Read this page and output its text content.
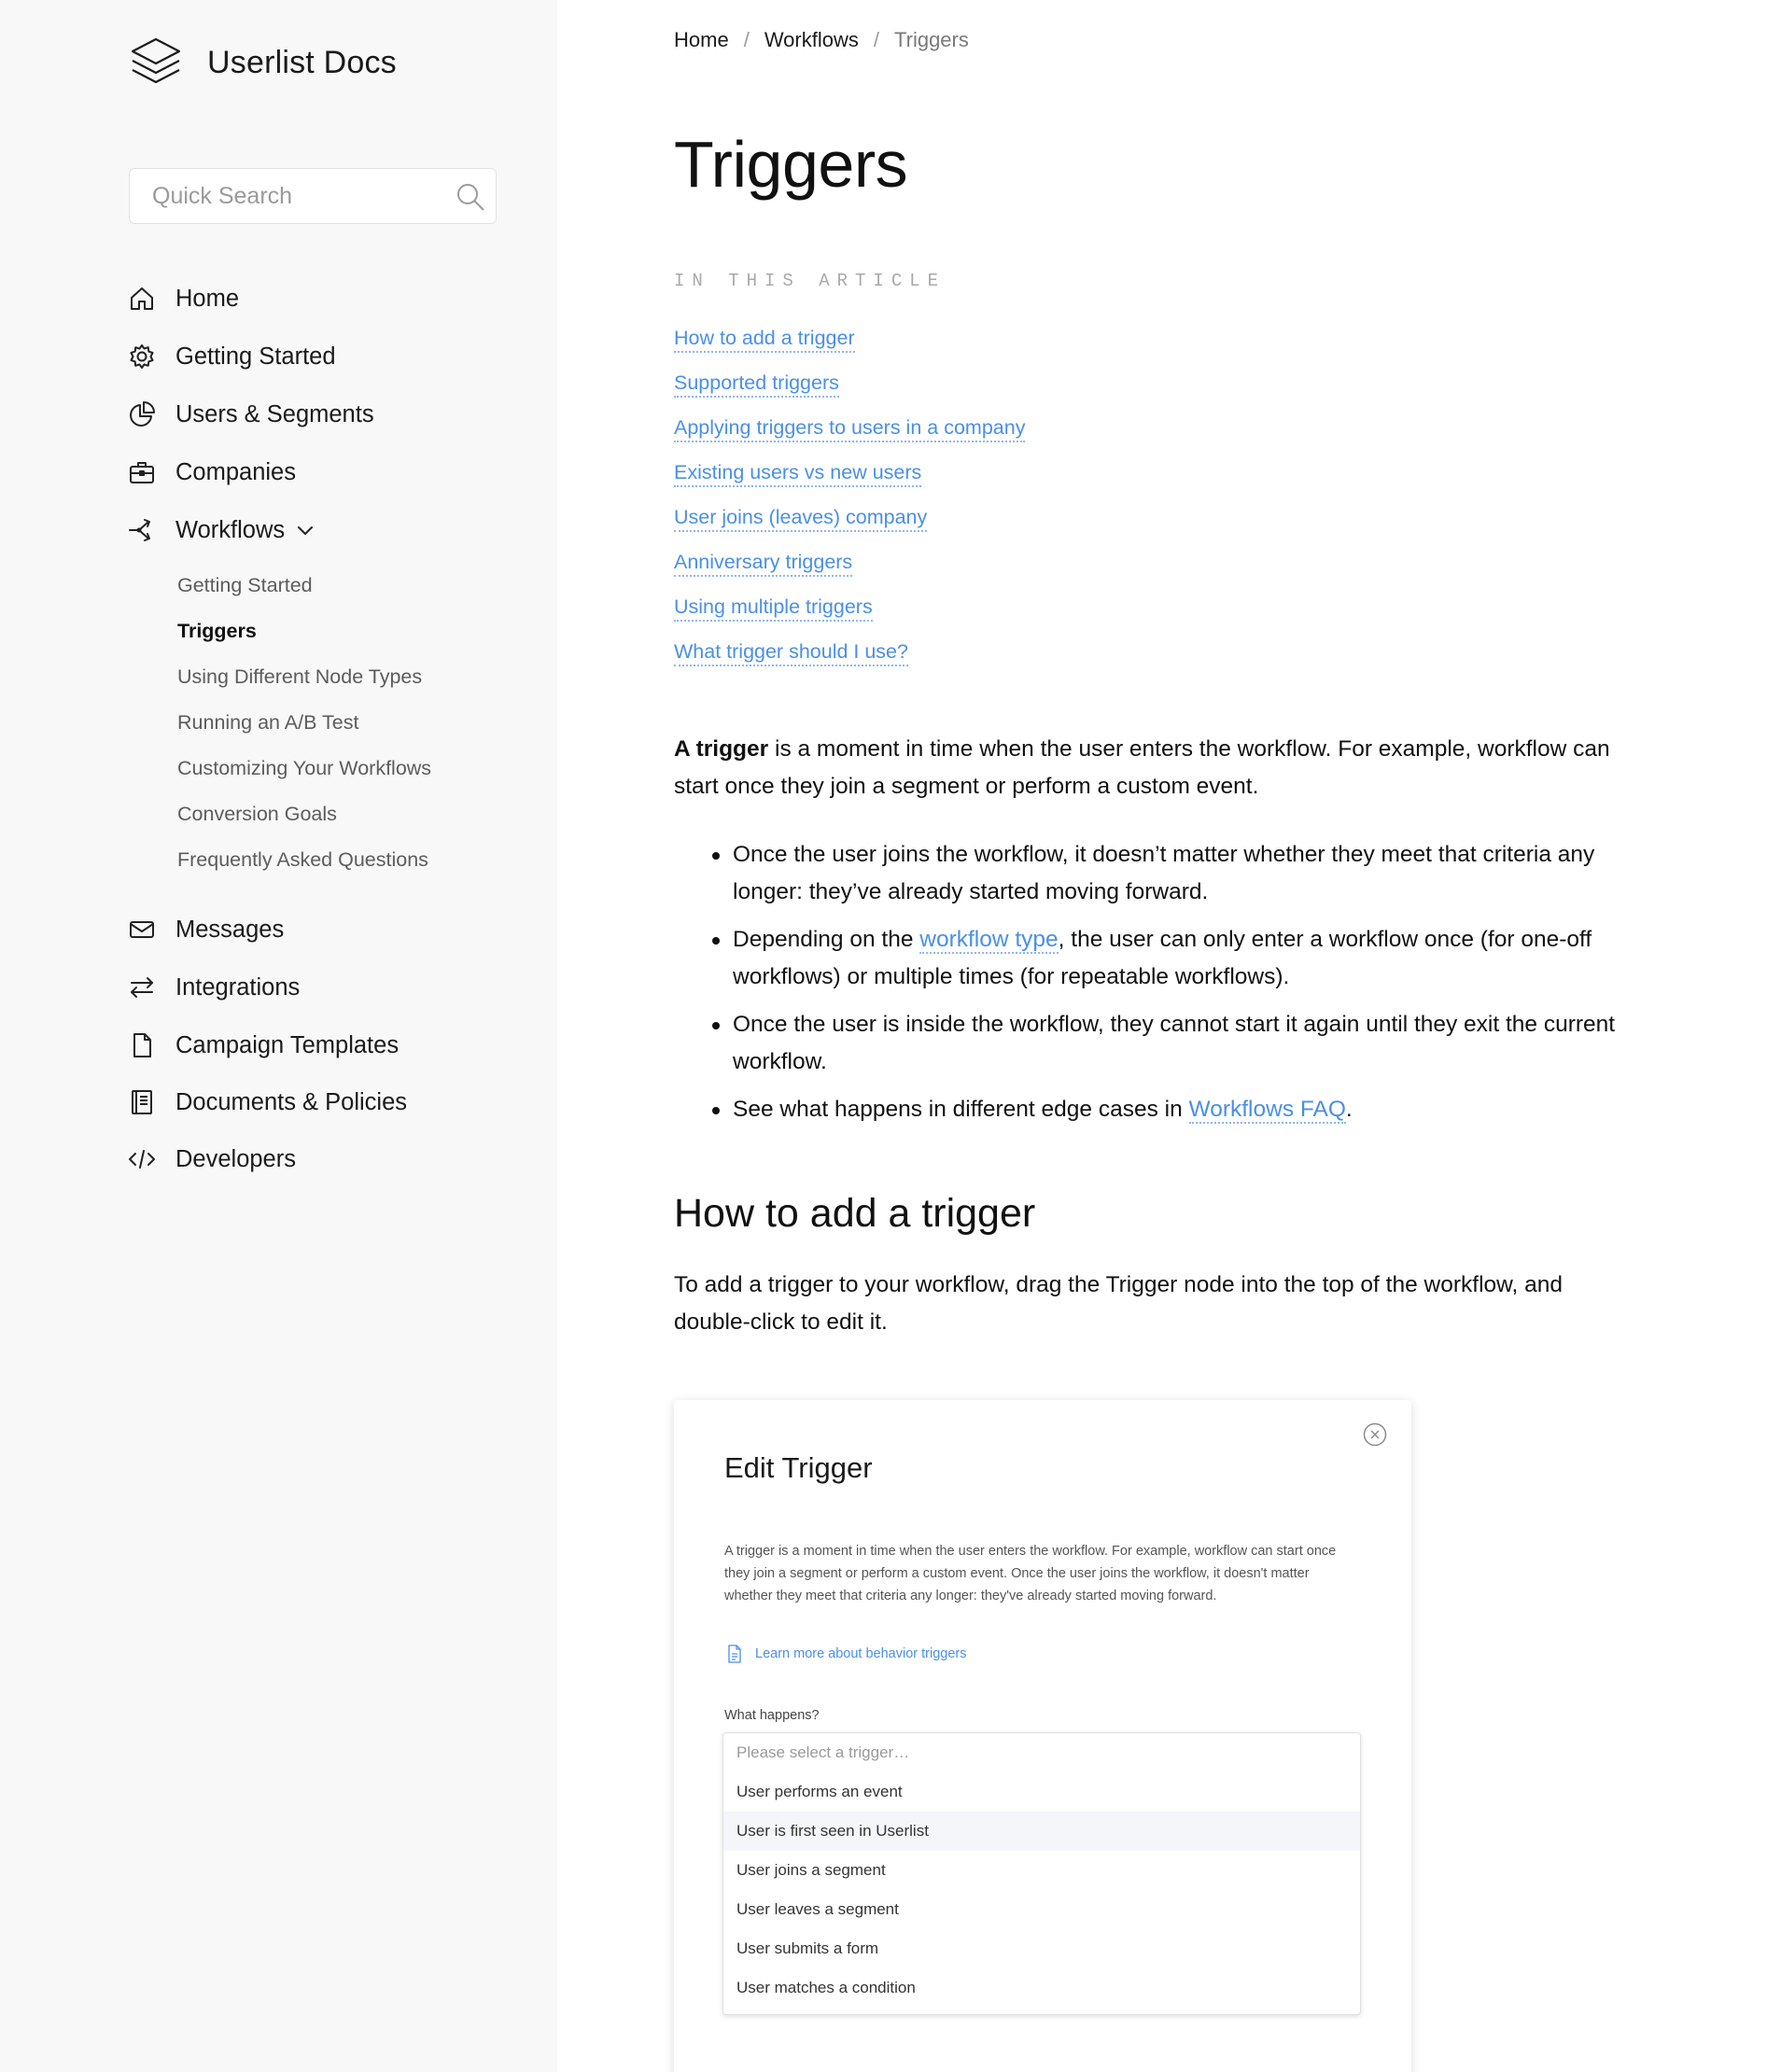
Userlist Docs
Quick Search
Home
Getting Started
Users & Segments
Companies
Workflows
Getting Started
Triggers
Using Different Node Types
Running an A/B Test
Customizing Your Workflows
Conversion Goals
Frequently Asked Questions
Messages
Integrations
Campaign Templates
Documents & Policies
Developers
Home / Workflows / Triggers
Triggers
IN THIS ARTICLE
How to add a trigger
Supported triggers
Applying triggers to users in a company
Existing users vs new users
User joins (leaves) company
Anniversary triggers
Using multiple triggers
What trigger should I use?

A trigger is a moment in time when the user enters the workflow. For example, workflow can start once they join a segment or perform a custom event.

Once the user joins the workflow, it doesn’t matter whether they meet that criteria any longer: they’ve already started moving forward.
Depending on the workflow type, the user can only enter a workflow once (for one-off workflows) or multiple times (for repeatable workflows).
Once the user is inside the workflow, they cannot start it again until they exit the current workflow.
See what happens in different edge cases in Workflows FAQ.
How to add a trigger

To add a trigger to your workflow, drag the Trigger node into the top of the workflow, and double-click to edit it.

Edit Trigger
A trigger is a moment in time when the user enters the workflow. For example, workflow can start once they join a segment or perform a custom event. Once the user joins the workflow, it doesn't matter whether they meet that criteria any longer: they've already started moving forward.
Learn more about behavior triggers
What happens?
Please select a trigger…
User performs an event
User is first seen in Userlist
User joins a segment
User leaves a segment
User submits a form
User matches a condition
